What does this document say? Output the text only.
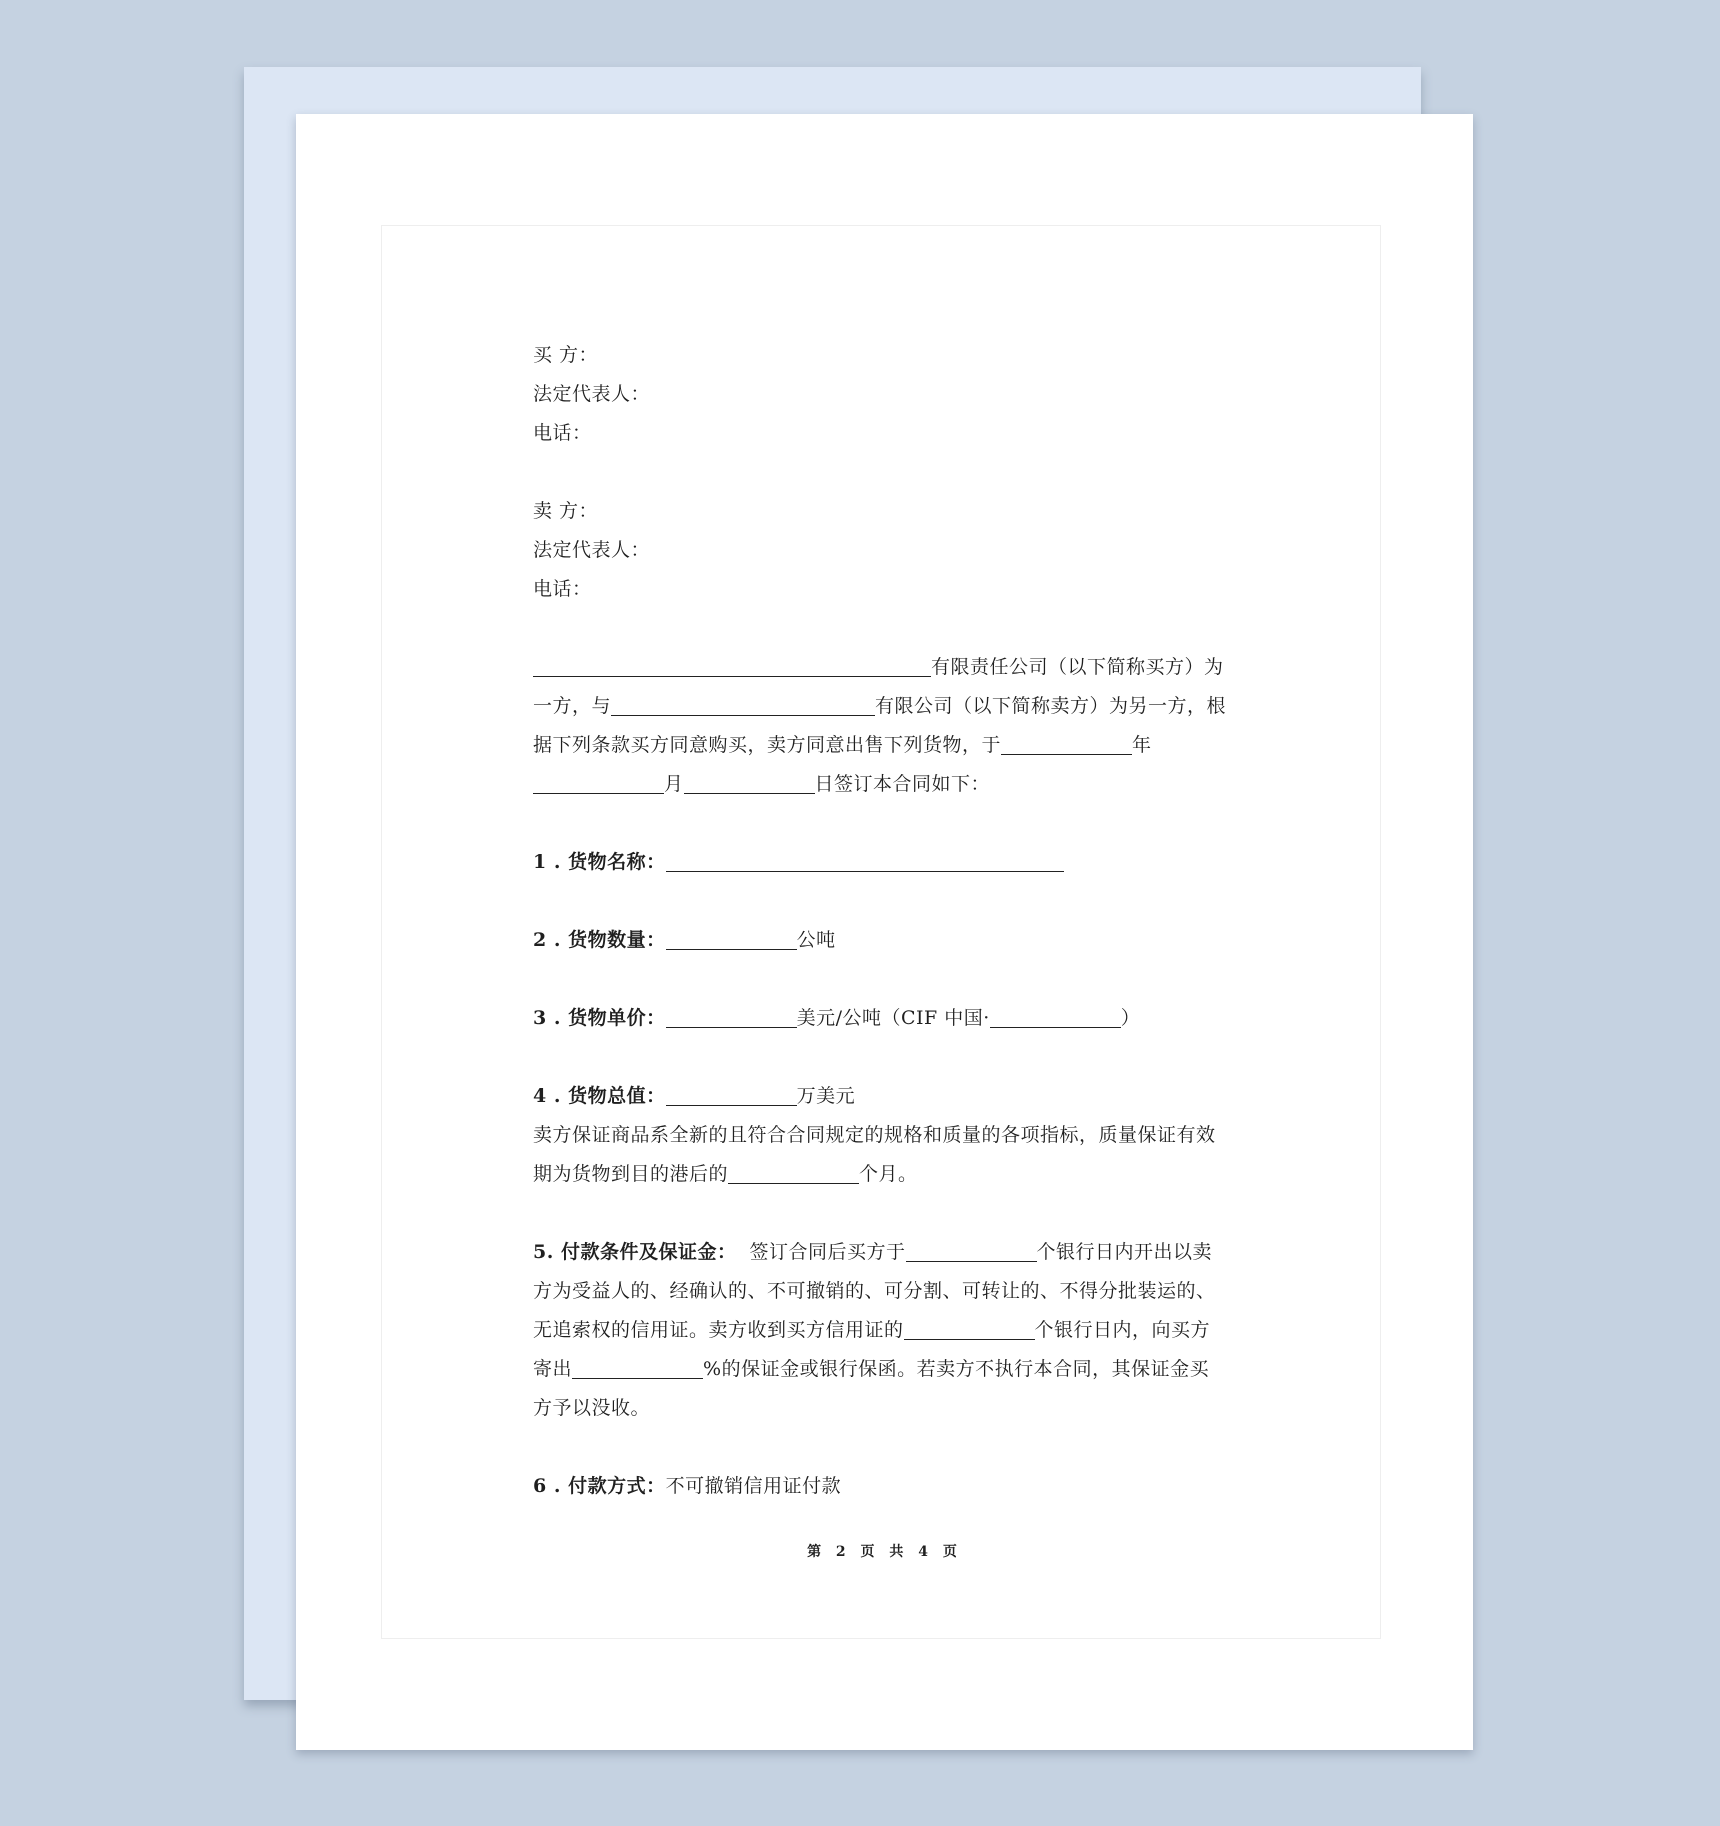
买 方：
法定代表人：
电话：
卖 方：
法定代表人：
电话：
有限责任公司（以下简称买方）为
一方，与	有限公司（以下简称卖方）为另一方，根
据下列条款买方同意购买，卖方同意出售下列货物，于	年
月	日签订本合同如下：
1 . 货物名称：
2 . 货物数量：	公吨
3 . 货物单价：	美元/公吨（CIF 中国·	）
4 . 货物总值：	万美元
卖方保证商品系全新的且符合合同规定的规格和质量的各项指标，质量保证有效
期为货物到目的港后的	个月。
5. 付款条件及保证金：  签订合同后买方于	个银行日内开出以卖
方为受益人的、经确认的、不可撤销的、可分割、可转让的、不得分批装运的、
无追索权的信用证。卖方收到买方信用证的	个银行日内，向买方
寄出	%的保证金或银行保函。若卖方不执行本合同，其保证金买
方予以没收。
6 . 付款方式：不可撤销信用证付款
第 2 页 共 4 页
